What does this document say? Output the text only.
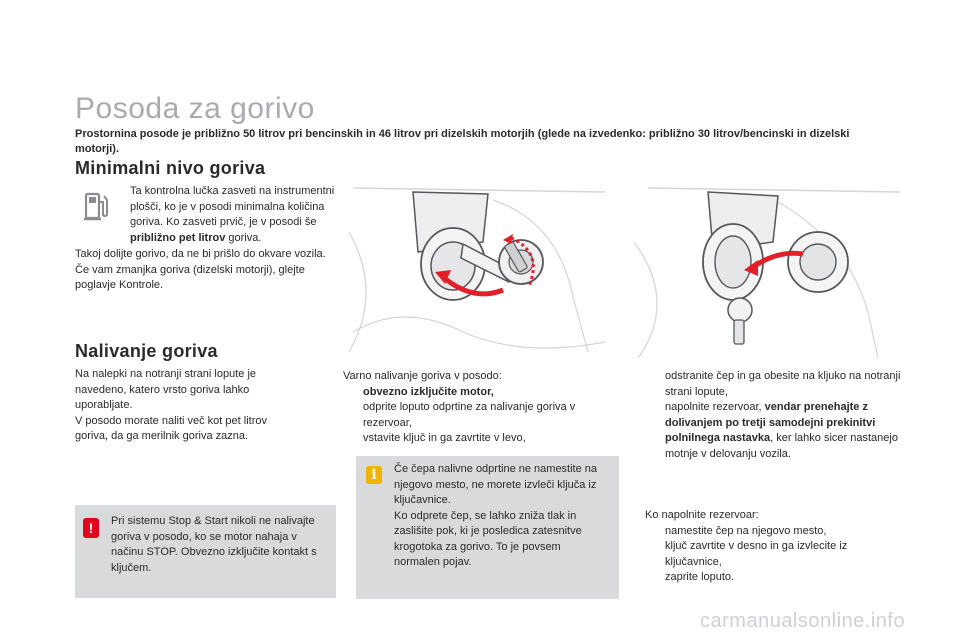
Posoda za gorivo
Prostornina posode je približno 50 litrov pri bencinskih in 46 litrov pri dizelskih motorjih (glede na izvedenko: približno 30 litrov/bencinski in dizelski motorji).
Minimalni nivo goriva
Ta kontrolna lučka zasveti na instrumentni plošči, ko je v posodi minimalna količina goriva. Ko zasveti prvič, je v posodi še približno pet litrov goriva.
Takoj dolijte gorivo, da ne bi prišlo do okvare vozila.
Če vam zmanjka goriva (dizelski motorji), glejte poglavje Kontrole.
Nalivanje goriva
Na nalepki na notranji strani lopute je navedeno, katero vrsto goriva lahko uporabljate.
V posodo morate naliti več kot pet litrov goriva, da ga merilnik goriva zazna.
!	Pri sistemu Stop & Start nikoli ne nalivajte goriva v posodo, ko se motor nahaja v načinu STOP. Obvezno izključite kontakt s ključem.
Varno nalivanje goriva v posodo:
obvezno izključite motor,
odprite loputo odprtine za nalivanje goriva v rezervoar,
vstavite ključ in ga zavrtite v levo,
i	Če čepa nalivne odprtine ne namestite na njegovo mesto, ne morete izvleči ključa iz ključavnice.
Ko odprete čep, se lahko zniža tlak in zaslišite pok, ki je posledica zatesnitve krogotoka za gorivo. To je povsem normalen pojav.
odstranite čep in ga obesite na kljuko na notranji strani lopute,
napolnite rezervoar, vendar prenehajte z dolivanjem po tretji samodejni prekinitvi polnilnega nastavka, ker lahko sicer nastanejo motnje v delovanju vozila.
Ko napolnite rezervoar:
namestite čep na njegovo mesto,
ključ zavrtite v desno in ga izvlecite iz ključavnice,
zaprite loputo.
carmanualsonline.info
